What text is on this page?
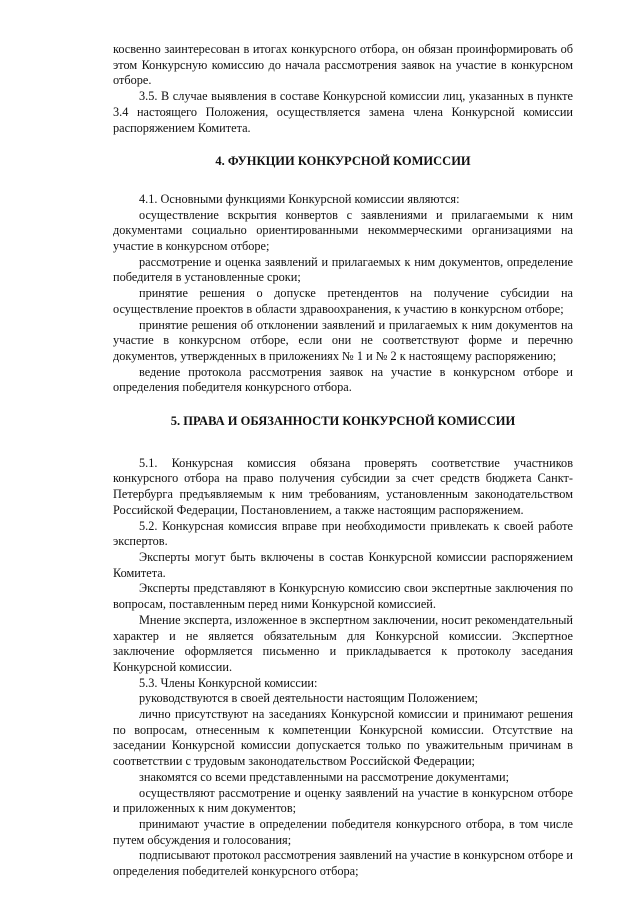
косвенно заинтересован в итогах конкурсного отбора, он обязан проинформировать об этом Конкурсную комиссию до начала рассмотрения заявок на участие в конкурсном отборе.

3.5. В случае выявления в составе Конкурсной комиссии лиц, указанных в пункте 3.4 настоящего Положения, осуществляется замена члена Конкурсной комиссии распоряжением Комитета.

4. ФУНКЦИИ КОНКУРСНОЙ КОМИССИИ

4.1. Основными функциями Конкурсной комиссии являются:

осуществление вскрытия конвертов с заявлениями и прилагаемыми к ним документами социально ориентированными некоммерческими организациями на участие в конкурсном отборе;

рассмотрение и оценка заявлений и прилагаемых к ним документов, определение победителя в установленные сроки;

принятие решения о допуске претендентов на получение субсидии на осуществление проектов в области здравоохранения, к участию в конкурсном отборе;

принятие решения об отклонении заявлений и прилагаемых к ним документов на участие в конкурсном отборе, если они не соответствуют форме и перечню документов, утвержденных в приложениях № 1 и № 2 к настоящему распоряжению;

ведение протокола рассмотрения заявок на участие в конкурсном отборе и определения победителя конкурсного отбора.

5. ПРАВА И ОБЯЗАННОСТИ КОНКУРСНОЙ КОМИССИИ

5.1. Конкурсная комиссия обязана проверять соответствие участников конкурсного отбора на право получения субсидии за счет средств бюджета Санкт-Петербурга предъявляемым к ним требованиям, установленным законодательством Российской Федерации, Постановлением, а также настоящим распоряжением.

5.2. Конкурсная комиссия вправе при необходимости привлекать к своей работе экспертов.

Эксперты могут быть включены в состав Конкурсной комиссии распоряжением Комитета.

Эксперты представляют в Конкурсную комиссию свои экспертные заключения по вопросам, поставленным перед ними Конкурсной комиссией.

Мнение эксперта, изложенное в экспертном заключении, носит рекомендательный характер и не является обязательным для Конкурсной комиссии. Экспертное заключение оформляется письменно и прикладывается к протоколу заседания Конкурсной комиссии.

5.3. Члены Конкурсной комиссии:

руководствуются в своей деятельности настоящим Положением;

лично присутствуют на заседаниях Конкурсной комиссии и принимают решения по вопросам, отнесенным к компетенции Конкурсной комиссии. Отсутствие на заседании Конкурсной комиссии допускается только по уважительным причинам в соответствии с трудовым законодательством Российской Федерации;

знакомятся со всеми представленными на рассмотрение документами;

осуществляют рассмотрение и оценку заявлений на участие в конкурсном отборе и приложенных к ним документов;

принимают участие в определении победителя конкурсного отбора, в том числе путем обсуждения и голосования;

подписывают протокол рассмотрения заявлений на участие в конкурсном отборе и определения победителей конкурсного отбора;
